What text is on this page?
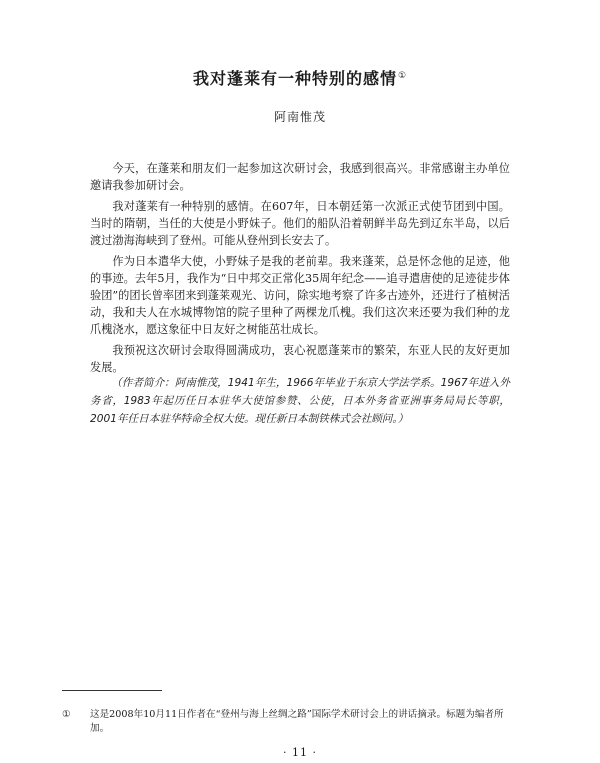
我对蓬莱有一种特别的感情①
阿南惟茂

今天，在蓬莱和朋友们一起参加这次研讨会，我感到很高兴。非常感谢主办单位邀请我参加研讨会。

我对蓬莱有一种特别的感情。在607年，日本朝廷第一次派正式使节团到中国。当时的隋朝，当任的大使是小野妹子。他们的船队沿着朝鲜半岛先到辽东半岛，以后渡过渤海海峡到了登州。可能从登州到长安去了。

作为日本遣华大使，小野妹子是我的老前辈。我来蓬莱，总是怀念他的足迹，他的事迹。去年5月，我作为“日中邦交正常化35周年纪念——追寻遣唐使的足迹徒步体验团”的团长曾率团来到蓬莱观光、访问，除实地考察了许多古迹外，还进行了植树活动，我和夫人在水城博物馆的院子里种了两棵龙爪槐。我们这次来还要为我们种的龙爪槐浇水，愿这象征中日友好之树能茁壮成长。

我预祝这次研讨会取得圆满成功，衷心祝愿蓬莱市的繁荣，东亚人民的友好更加发展。

（作者简介：阿南惟茂，1941年生，1966年毕业于东京大学法学系。1967年进入外务省，1983年起历任日本驻华大使馆参赞、公使，日本外务省亚洲事务局局长等职，2001年任日本驻华特命全权大使。现任新日本制铁株式会社顾问。）
① 这是2008年10月11日作者在“登州与海上丝绸之路”国际学术研讨会上的讲话摘录。标题为编者所加。
· 11 ·
